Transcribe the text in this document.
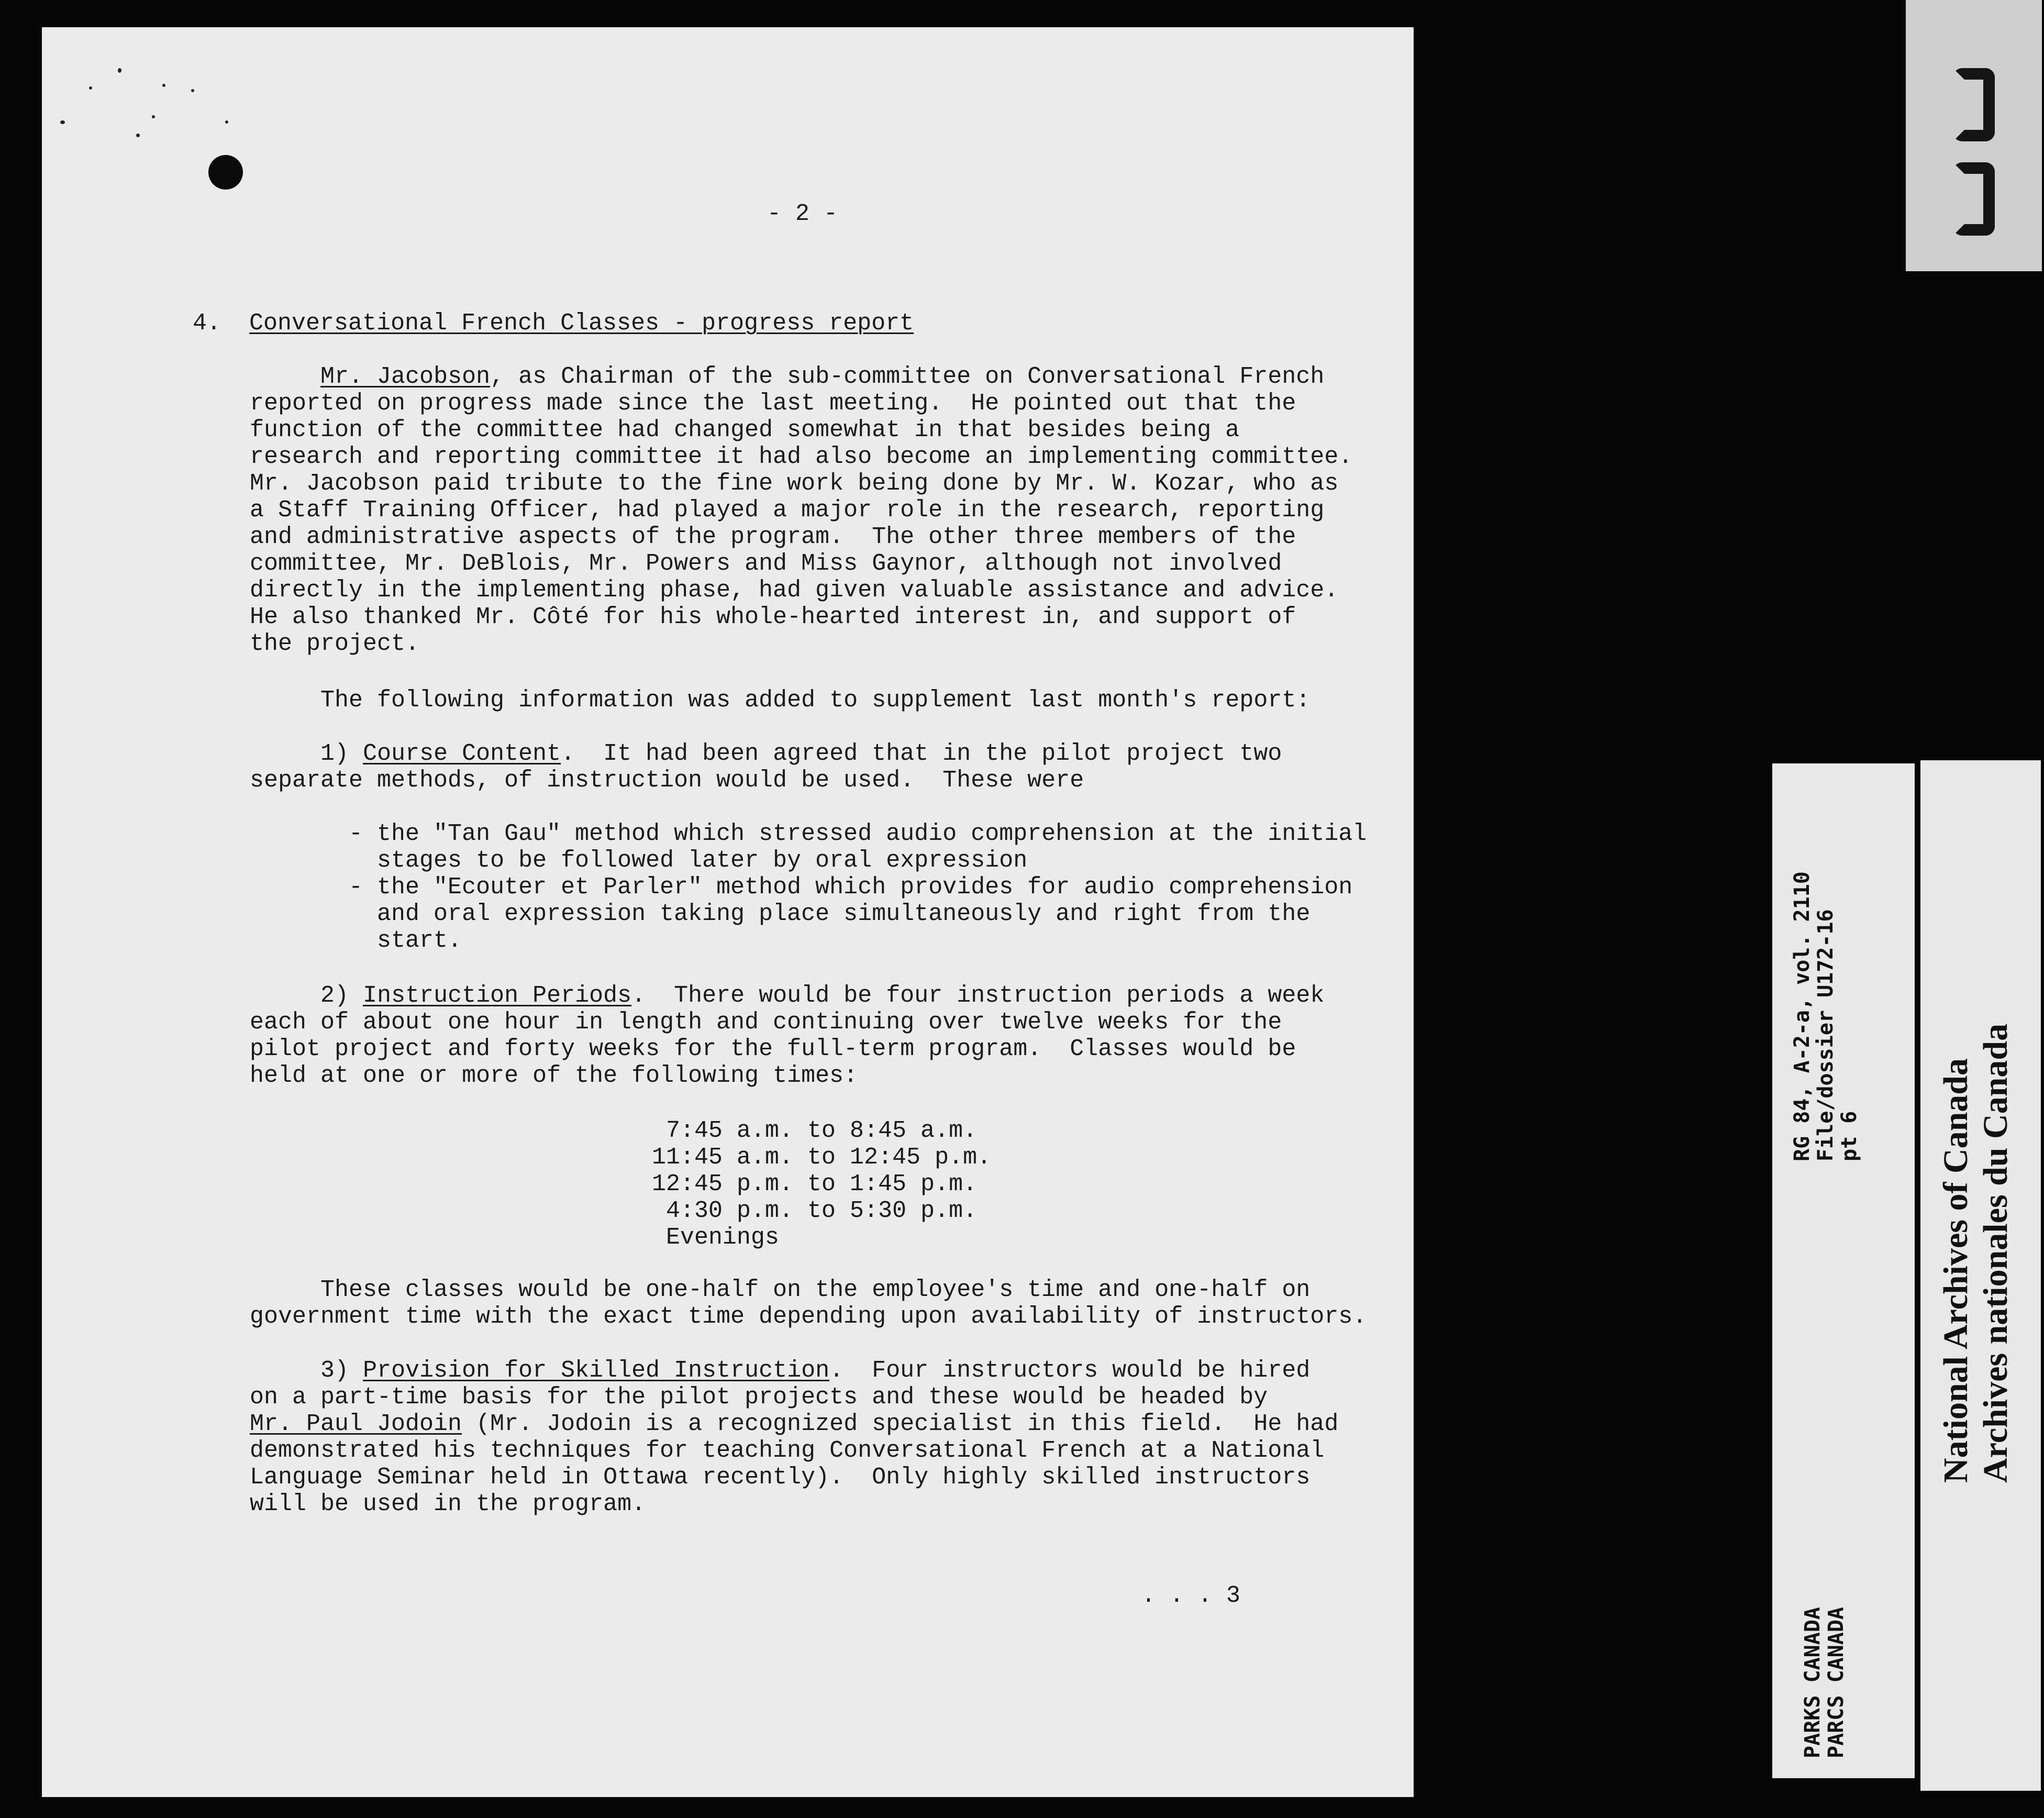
- 2 -
4. Conversational French Classes - progress report
Mr. Jacobson, as Chairman of the sub-committee on Conversational French
reported on progress made since the last meeting.  He pointed out that the
function of the committee had changed somewhat in that besides being a
research and reporting committee it had also become an implementing committee.
Mr. Jacobson paid tribute to the fine work being done by Mr. W. Kozar, who as
a Staff Training Officer, had played a major role in the research, reporting
and administrative aspects of the program.  The other three members of the
committee, Mr. DeBlois, Mr. Powers and Miss Gaynor, although not involved
directly in the implementing phase, had given valuable assistance and advice.
He also thanked Mr. Côté for his whole-hearted interest in, and support of
the project.
The following information was added to supplement last month's report:
1) Course Content.  It had been agreed that in the pilot project two
separate methods, of instruction would be used.  These were

- the "Tan Gau" method which stressed audio comprehension at the initial
stages to be followed later by oral expression
- the "Ecouter et Parler" method which provides for audio comprehension
and oral expression taking place simultaneously and right from the
start.
2) Instruction Periods.  There would be four instruction periods a week
each of about one hour in length and continuing over twelve weeks for the
pilot project and forty weeks for the full-term program.  Classes would be
held at one or more of the following times:
7:45 a.m. to 8:45 a.m.
11:45 a.m. to 12:45 p.m.
12:45 p.m. to 1:45 p.m.
4:30 p.m. to 5:30 p.m.
Evenings
These classes would be one-half on the employee's time and one-half on
government time with the exact time depending upon availability of instructors.
3) Provision for Skilled Instruction.  Four instructors would be hired
on a part-time basis for the pilot projects and these would be headed by
Mr. Paul Jodoin (Mr. Jodoin is a recognized specialist in this field.  He had
demonstrated his techniques for teaching Conversational French at a National
Language Seminar held in Ottawa recently).  Only highly skilled instructors
will be used in the program.
. . . 3
RG 84, A-2-a, vol. 2110 File/dossier U172-16 pt 6
PARKS CANADA PARCS CANADA
National Archives of Canada Archives nationales du Canada
